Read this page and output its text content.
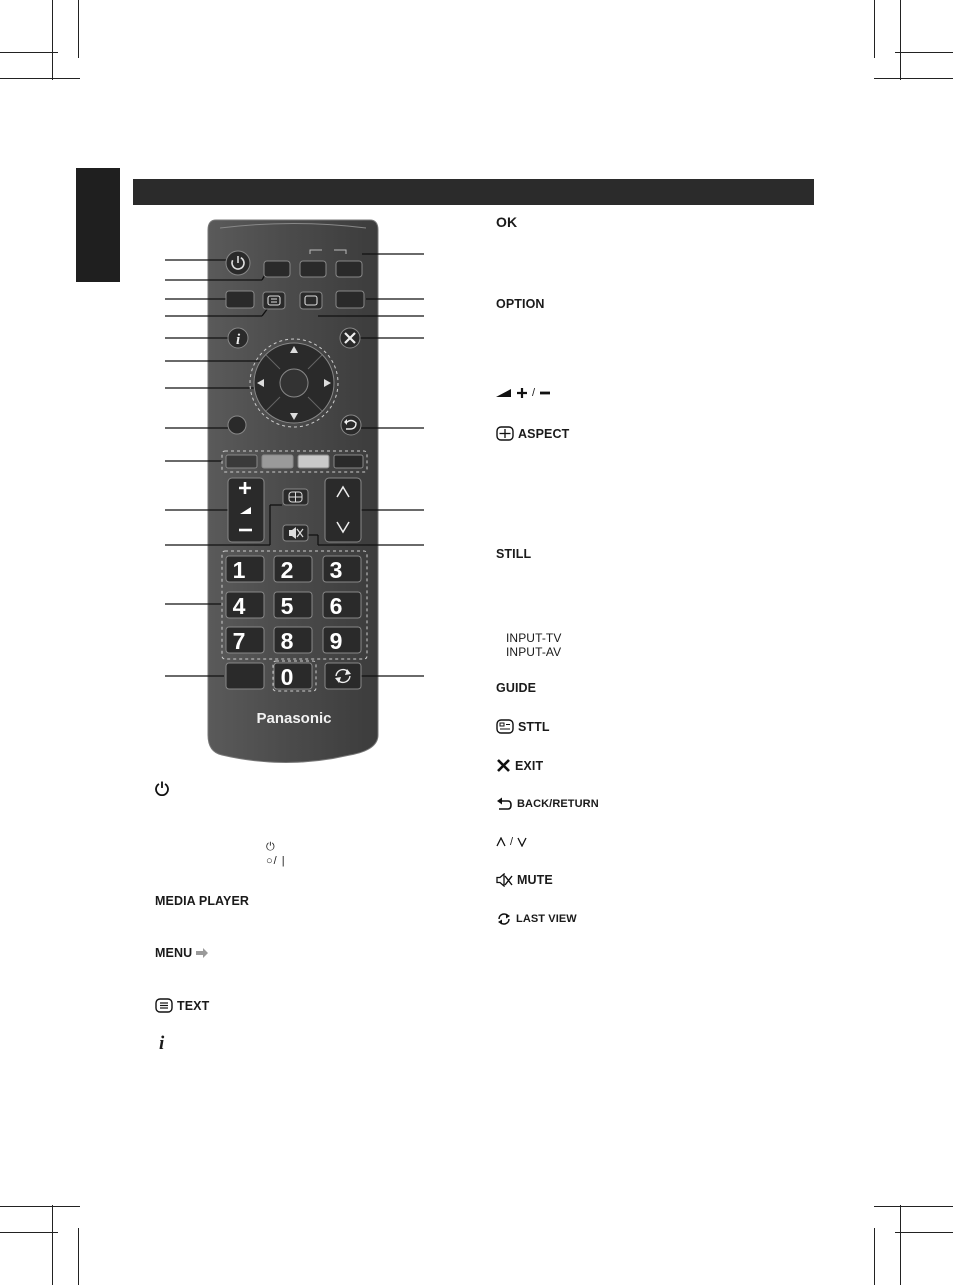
i
1 2 3
4 5 6
7 8 9
0
Panasonic
⏻
○/ |
MEDIA PLAYER
MENU
TEXT
i
OK
OPTION
/
ASPECT
STILL
INPUT-TV
INPUT-AV
GUIDE
STTL
EXIT
BACK/RETURN
/
MUTE
LAST VIEW
